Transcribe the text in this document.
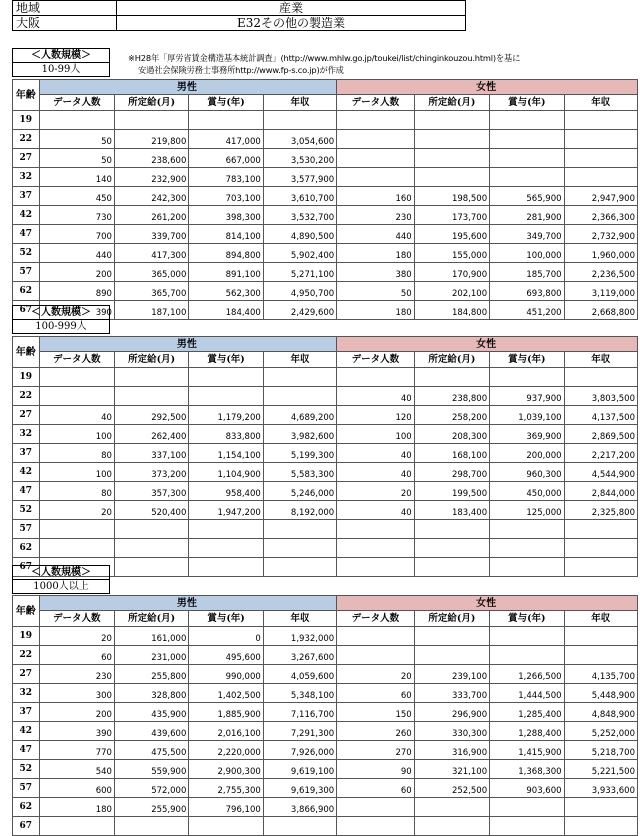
地域	産業
大阪	E32その他の製造業
※H28年「厚労省賃金構造基本統計調査」(http://www.mhlw.go.jp/toukei/list/chinginkouzou.html)を基に
安過社会保険労務士事務所http://www.fp-s.co.jp)が作成
＜人数規模＞
10-99人
年齢	男性				女性			
	データ人数	所定給(月)	賞与(年)	年収	データ人数	所定給(月)	賞与(年)	年収
19								
22	50	219,800	417,000	3,054,600				
27	50	238,600	667,000	3,530,200				
32	140	232,900	783,100	3,577,900				
37	450	242,300	703,100	3,610,700	160	198,500	565,900	2,947,900
42	730	261,200	398,300	3,532,700	230	173,700	281,900	2,366,300
47	700	339,700	814,100	4,890,500	440	195,600	349,700	2,732,900
52	440	417,300	894,800	5,902,400	180	155,000	100,000	1,960,000
57	200	365,000	891,100	5,271,100	380	170,900	185,700	2,236,500
62	890	365,700	562,300	4,950,700	50	202,100	693,800	3,119,000
67	390	187,100	184,400	2,429,600	180	184,800	451,200	2,668,800
＜人数規模＞
100-999人
年齢	男性				女性			
	データ人数	所定給(月)	賞与(年)	年収	データ人数	所定給(月)	賞与(年)	年収
19								
22					40	238,800	937,900	3,803,500
27	40	292,500	1,179,200	4,689,200	120	258,200	1,039,100	4,137,500
32	100	262,400	833,800	3,982,600	100	208,300	369,900	2,869,500
37	80	337,100	1,154,100	5,199,300	40	168,100	200,000	2,217,200
42	100	373,200	1,104,900	5,583,300	40	298,700	960,300	4,544,900
47	80	357,300	958,400	5,246,000	20	199,500	450,000	2,844,000
52	20	520,400	1,947,200	8,192,000	40	183,400	125,000	2,325,800
57								
62								
67								
＜人数規模＞
1000人以上
年齢	男性				女性			
	データ人数	所定給(月)	賞与(年)	年収	データ人数	所定給(月)	賞与(年)	年収
19	20	161,000	0	1,932,000				
22	60	231,000	495,600	3,267,600				
27	230	255,800	990,000	4,059,600	20	239,100	1,266,500	4,135,700
32	300	328,800	1,402,500	5,348,100	60	333,700	1,444,500	5,448,900
37	200	435,900	1,885,900	7,116,700	150	296,900	1,285,400	4,848,900
42	390	439,600	2,016,100	7,291,300	260	330,300	1,288,400	5,252,000
47	770	475,500	2,220,000	7,926,000	270	316,900	1,415,900	5,218,700
52	540	559,900	2,900,300	9,619,100	90	321,100	1,368,300	5,221,500
57	600	572,000	2,755,300	9,619,300	60	252,500	903,600	3,933,600
62	180	255,900	796,100	3,866,900				
67								
